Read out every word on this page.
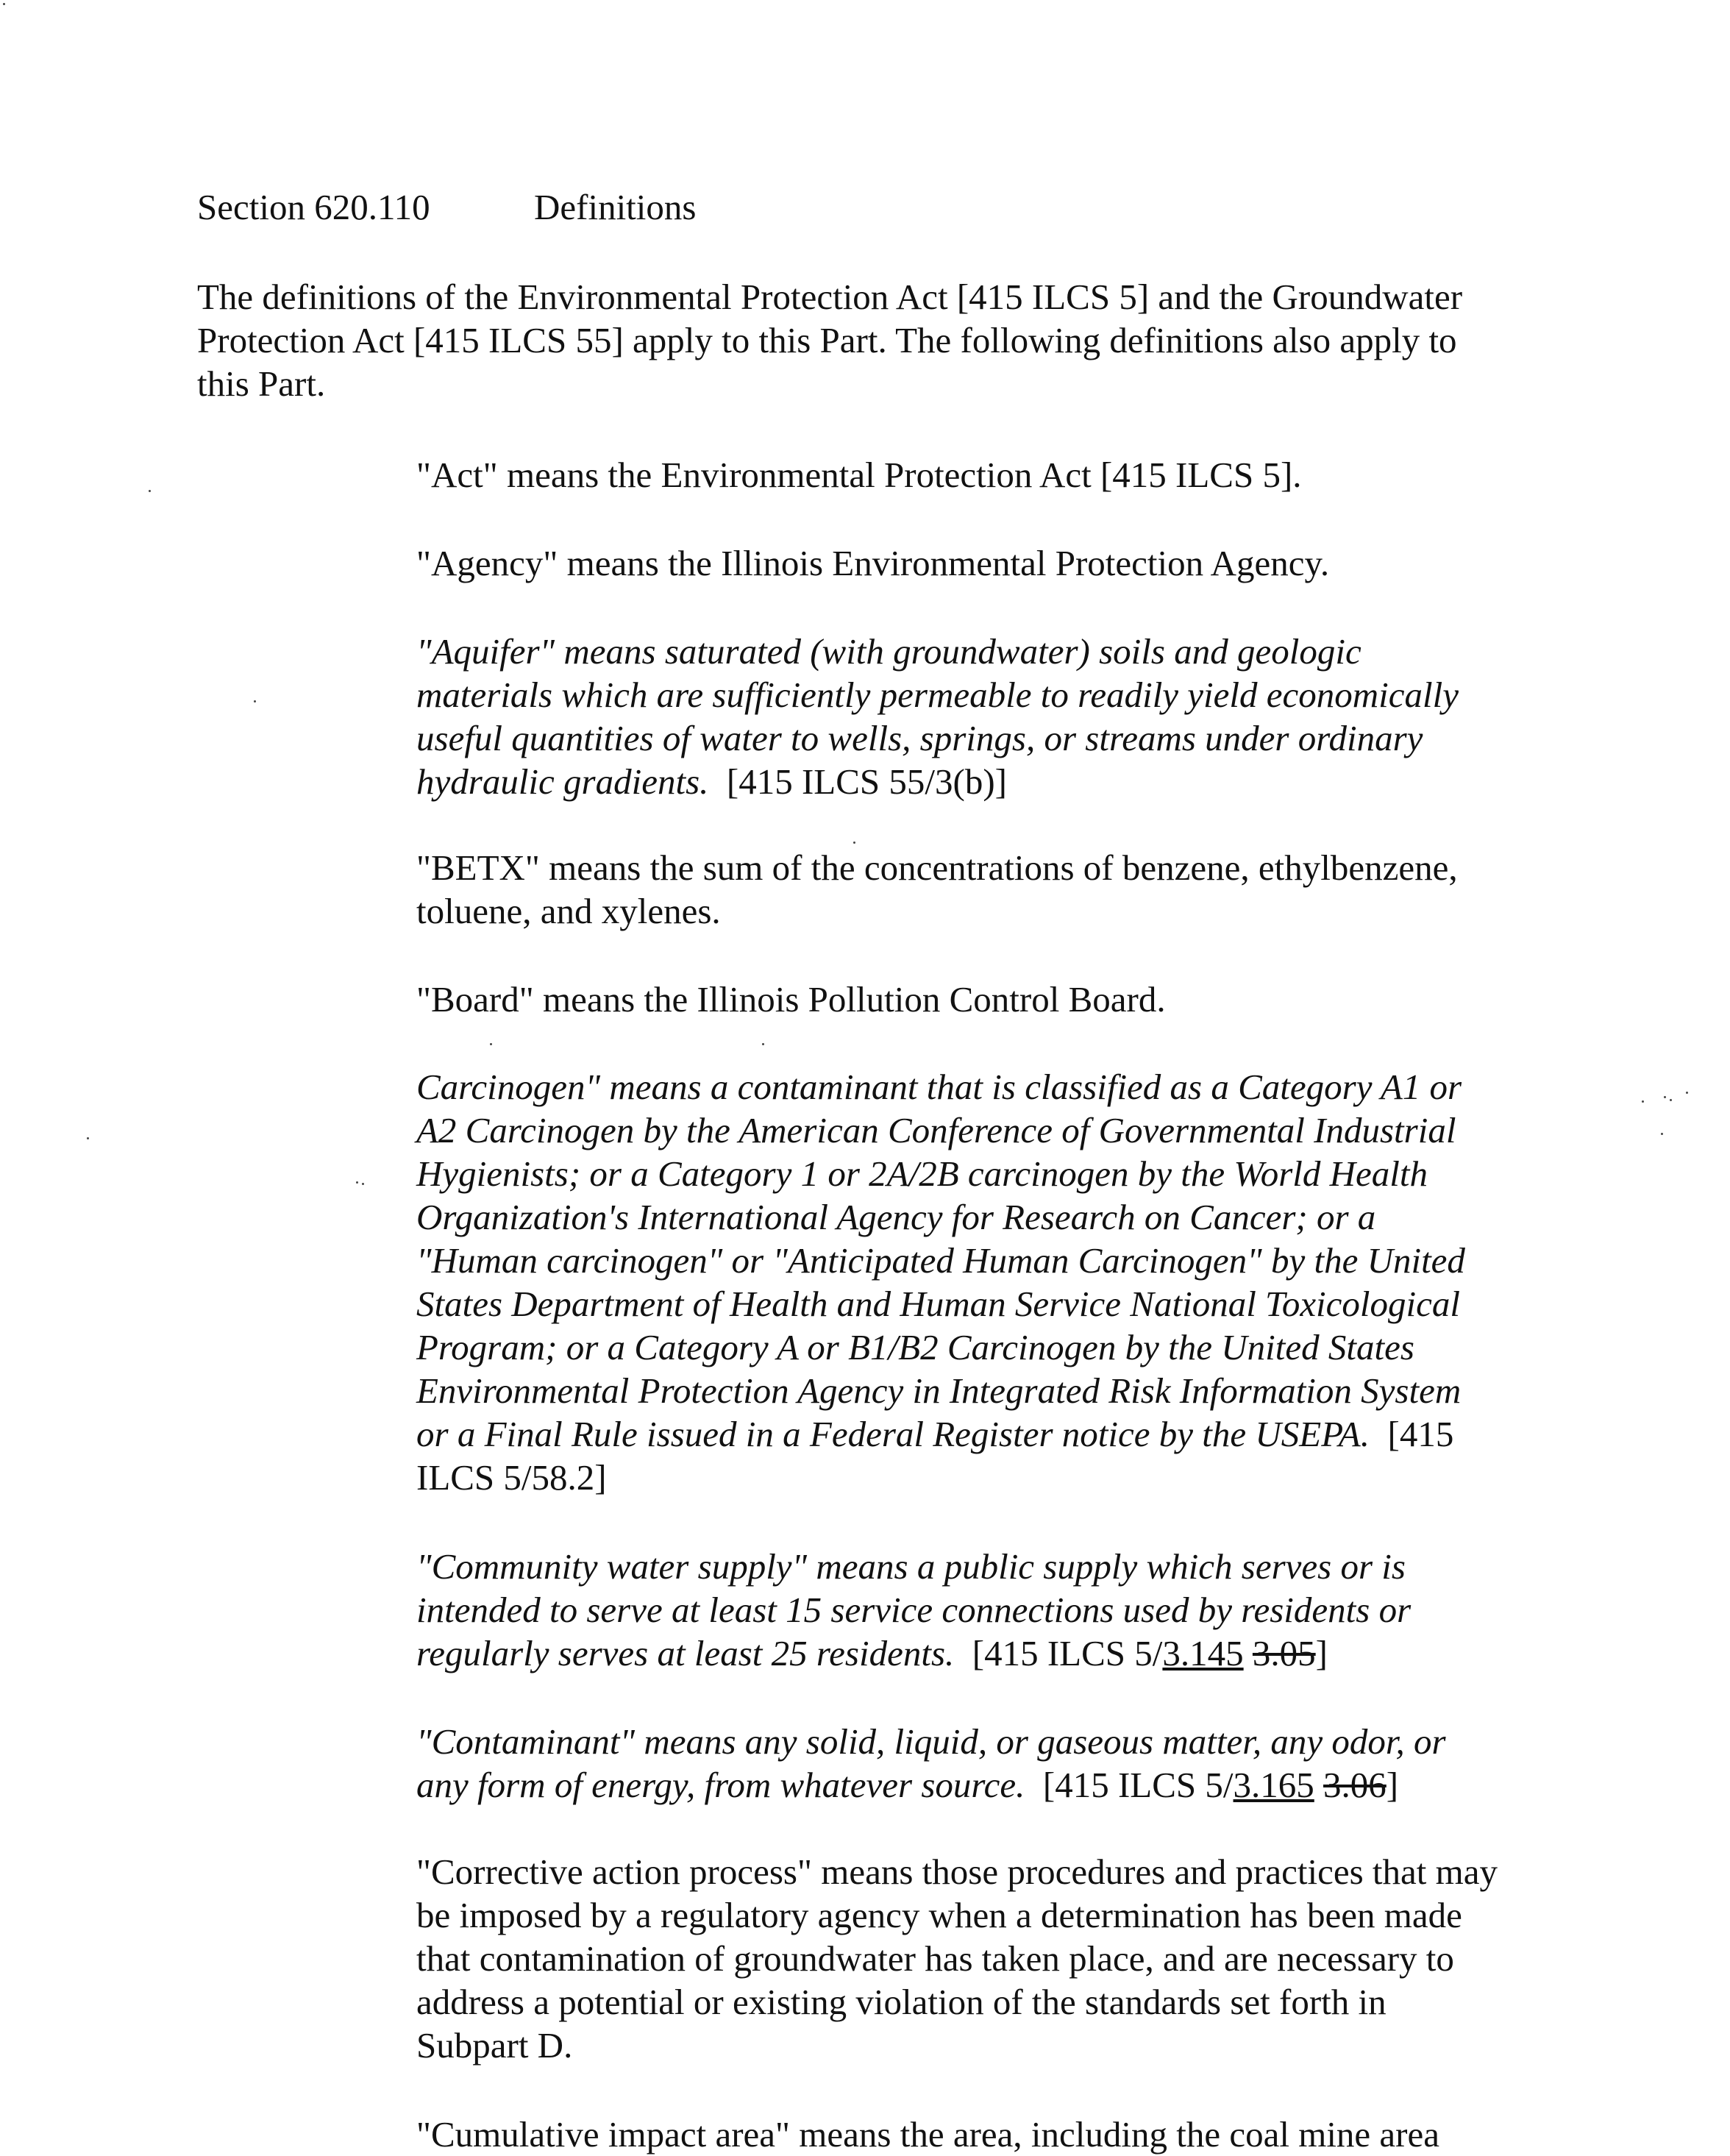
Section 620.110	Definitions
The definitions of the Environmental Protection Act [415 ILCS 5] and the Groundwater
Protection Act [415 ILCS 55] apply to this Part. The following definitions also apply to
this Part.
"Act" means the Environmental Protection Act [415 ILCS 5].
"Agency" means the Illinois Environmental Protection Agency.
"Aquifer" means saturated (with groundwater) soils and geologic
materials which are sufficiently permeable to readily yield economically
useful quantities of water to wells, springs, or streams under ordinary
hydraulic gradients.  [415 ILCS 55/3(b)]
"BETX" means the sum of the concentrations of benzene, ethylbenzene,
toluene, and xylenes.
"Board" means the Illinois Pollution Control Board.
Carcinogen" means a contaminant that is classified as a Category A1 or
A2 Carcinogen by the American Conference of Governmental Industrial
Hygienists; or a Category 1 or 2A/2B carcinogen by the World Health
Organization's International Agency for Research on Cancer; or a
"Human carcinogen" or "Anticipated Human Carcinogen" by the United
States Department of Health and Human Service National Toxicological
Program; or a Category A or B1/B2 Carcinogen by the United States
Environmental Protection Agency in Integrated Risk Information System
or a Final Rule issued in a Federal Register notice by the USEPA.  [415
ILCS 5/58.2]
"Community water supply" means a public supply which serves or is
intended to serve at least 15 service connections used by residents or
regularly serves at least 25 residents.  [415 ILCS 5/3.145 3.05]
"Contaminant" means any solid, liquid, or gaseous matter, any odor, or
any form of energy, from whatever source.  [415 ILCS 5/3.165 3.06]
"Corrective action process" means those procedures and practices that may
be imposed by a regulatory agency when a determination has been made
that contamination of groundwater has taken place, and are necessary to
address a potential or existing violation of the standards set forth in
Subpart D.
"Cumulative impact area" means the area, including the coal mine area
